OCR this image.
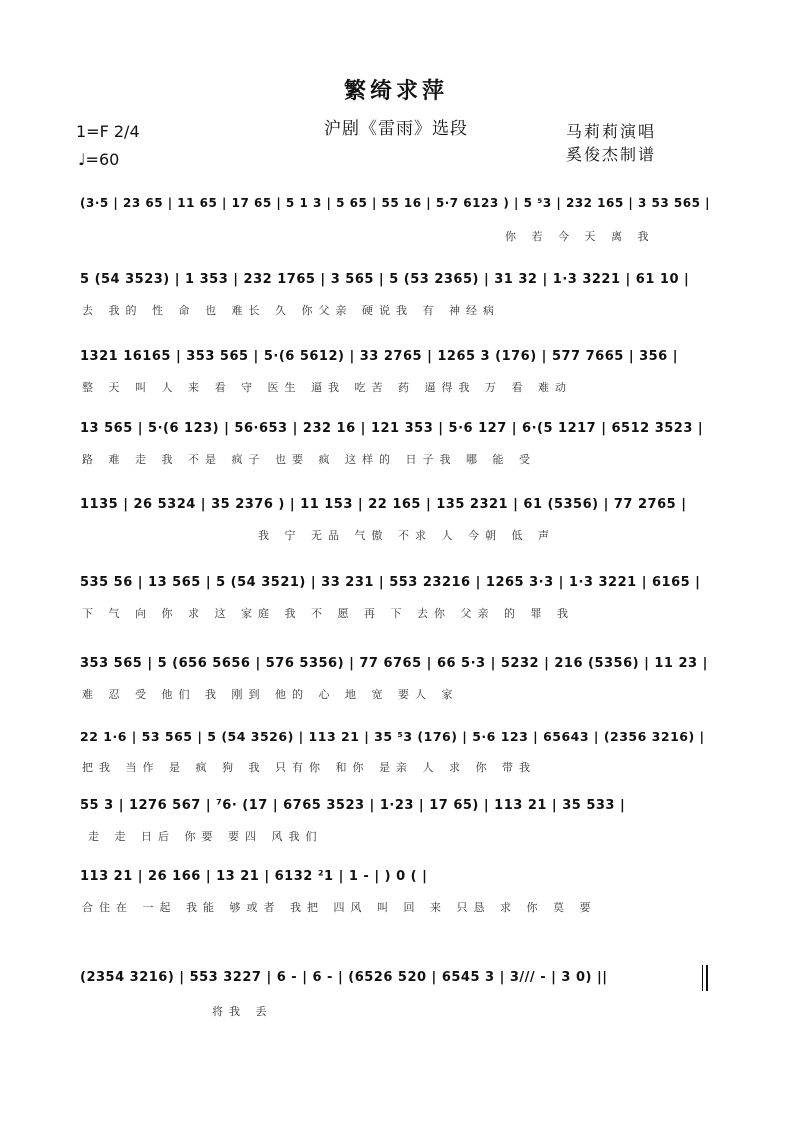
繁绮求萍
沪剧《雷雨》选段
1=F 2/4
♩=60
马莉莉演唱
奚俊杰制谱
(3·5 | 23 65 | 11 65 | 17 65 | 5 1 3 | 5 65 | 55 16 | 5·7 6123 ) | 5 ⁵3 | 232 165 | 3 53 565 |
你 若 今 天 离 我
5 (54 3523) | 1 353 | 232 1765 | 3 565 | 5 (53 2365) | 31 32 | 1·3 3221 | 61 10 |
去 我的 性 命 也 难长 久 你父亲 硬说我 有 神经病
1321 16165 | 353 565 | 5·(6 5612) | 33 2765 | 1265 3 (176) | 577 7665 | 356 |
整 天 叫 人 来 看 守 医生 逼我 吃苦 药 逼得我 万 看 难动
13 565 | 5·(6 123) | 56·653 | 232 16 | 121 353 | 5·6 127 | 6·(5 1217 | 6512 3523 |
路 难 走 我 不是 疯子 也要 疯 这样的 日子我 哪 能 受
1135 | 26 5324 | 35 2376 ) | 11 153 | 22 165 | 135 2321 | 61 (5356) | 77 2765 |
我 宁 无品 气傲 不求 人 今朝 低 声
535 56 | 13 565 | 5 (54 3521) | 33 231 | 553 23216 | 1265 3·3 | 1·3 3221 | 6165 |
下 气 向 你 求 这 家庭 我 不 愿 再 下 去你 父亲 的 罪 我
353 565 | 5 (656 5656 | 576 5356) | 77 6765 | 66 5·3 | 5232 | 216 (5356) | 11 23 |
难 忍 受 他们 我 刚到 他的 心 地 宽 要人 家
22 1·6 | 53 565 | 5 (54 3526) | 113 21 | 35 ⁵3 (176) | 5·6 123 | 65643 | (2356 3216) |
把我 当作 是 疯 狗 我 只有你 和你 是亲 人 求 你 带我
55 3 | 1276 567 | ⁷6· (17 | 6765 3523 | 1·23 | 17 65) | 113 21 | 35 533 |
走 走 日后 你要 要四 风我们
113 21 | 26 166 | 13 21 | 6132 ²1 | 1 - | ) 0 ( |
合住在 一起 我能 够或者 我把 四风 叫 回 来 只恳 求 你 莫 要
(2354 3216) | 553 3227 | 6 - | 6 - | (6526 520 | 6545 3 | 3/// - | 3 0) ||
将我 丢
